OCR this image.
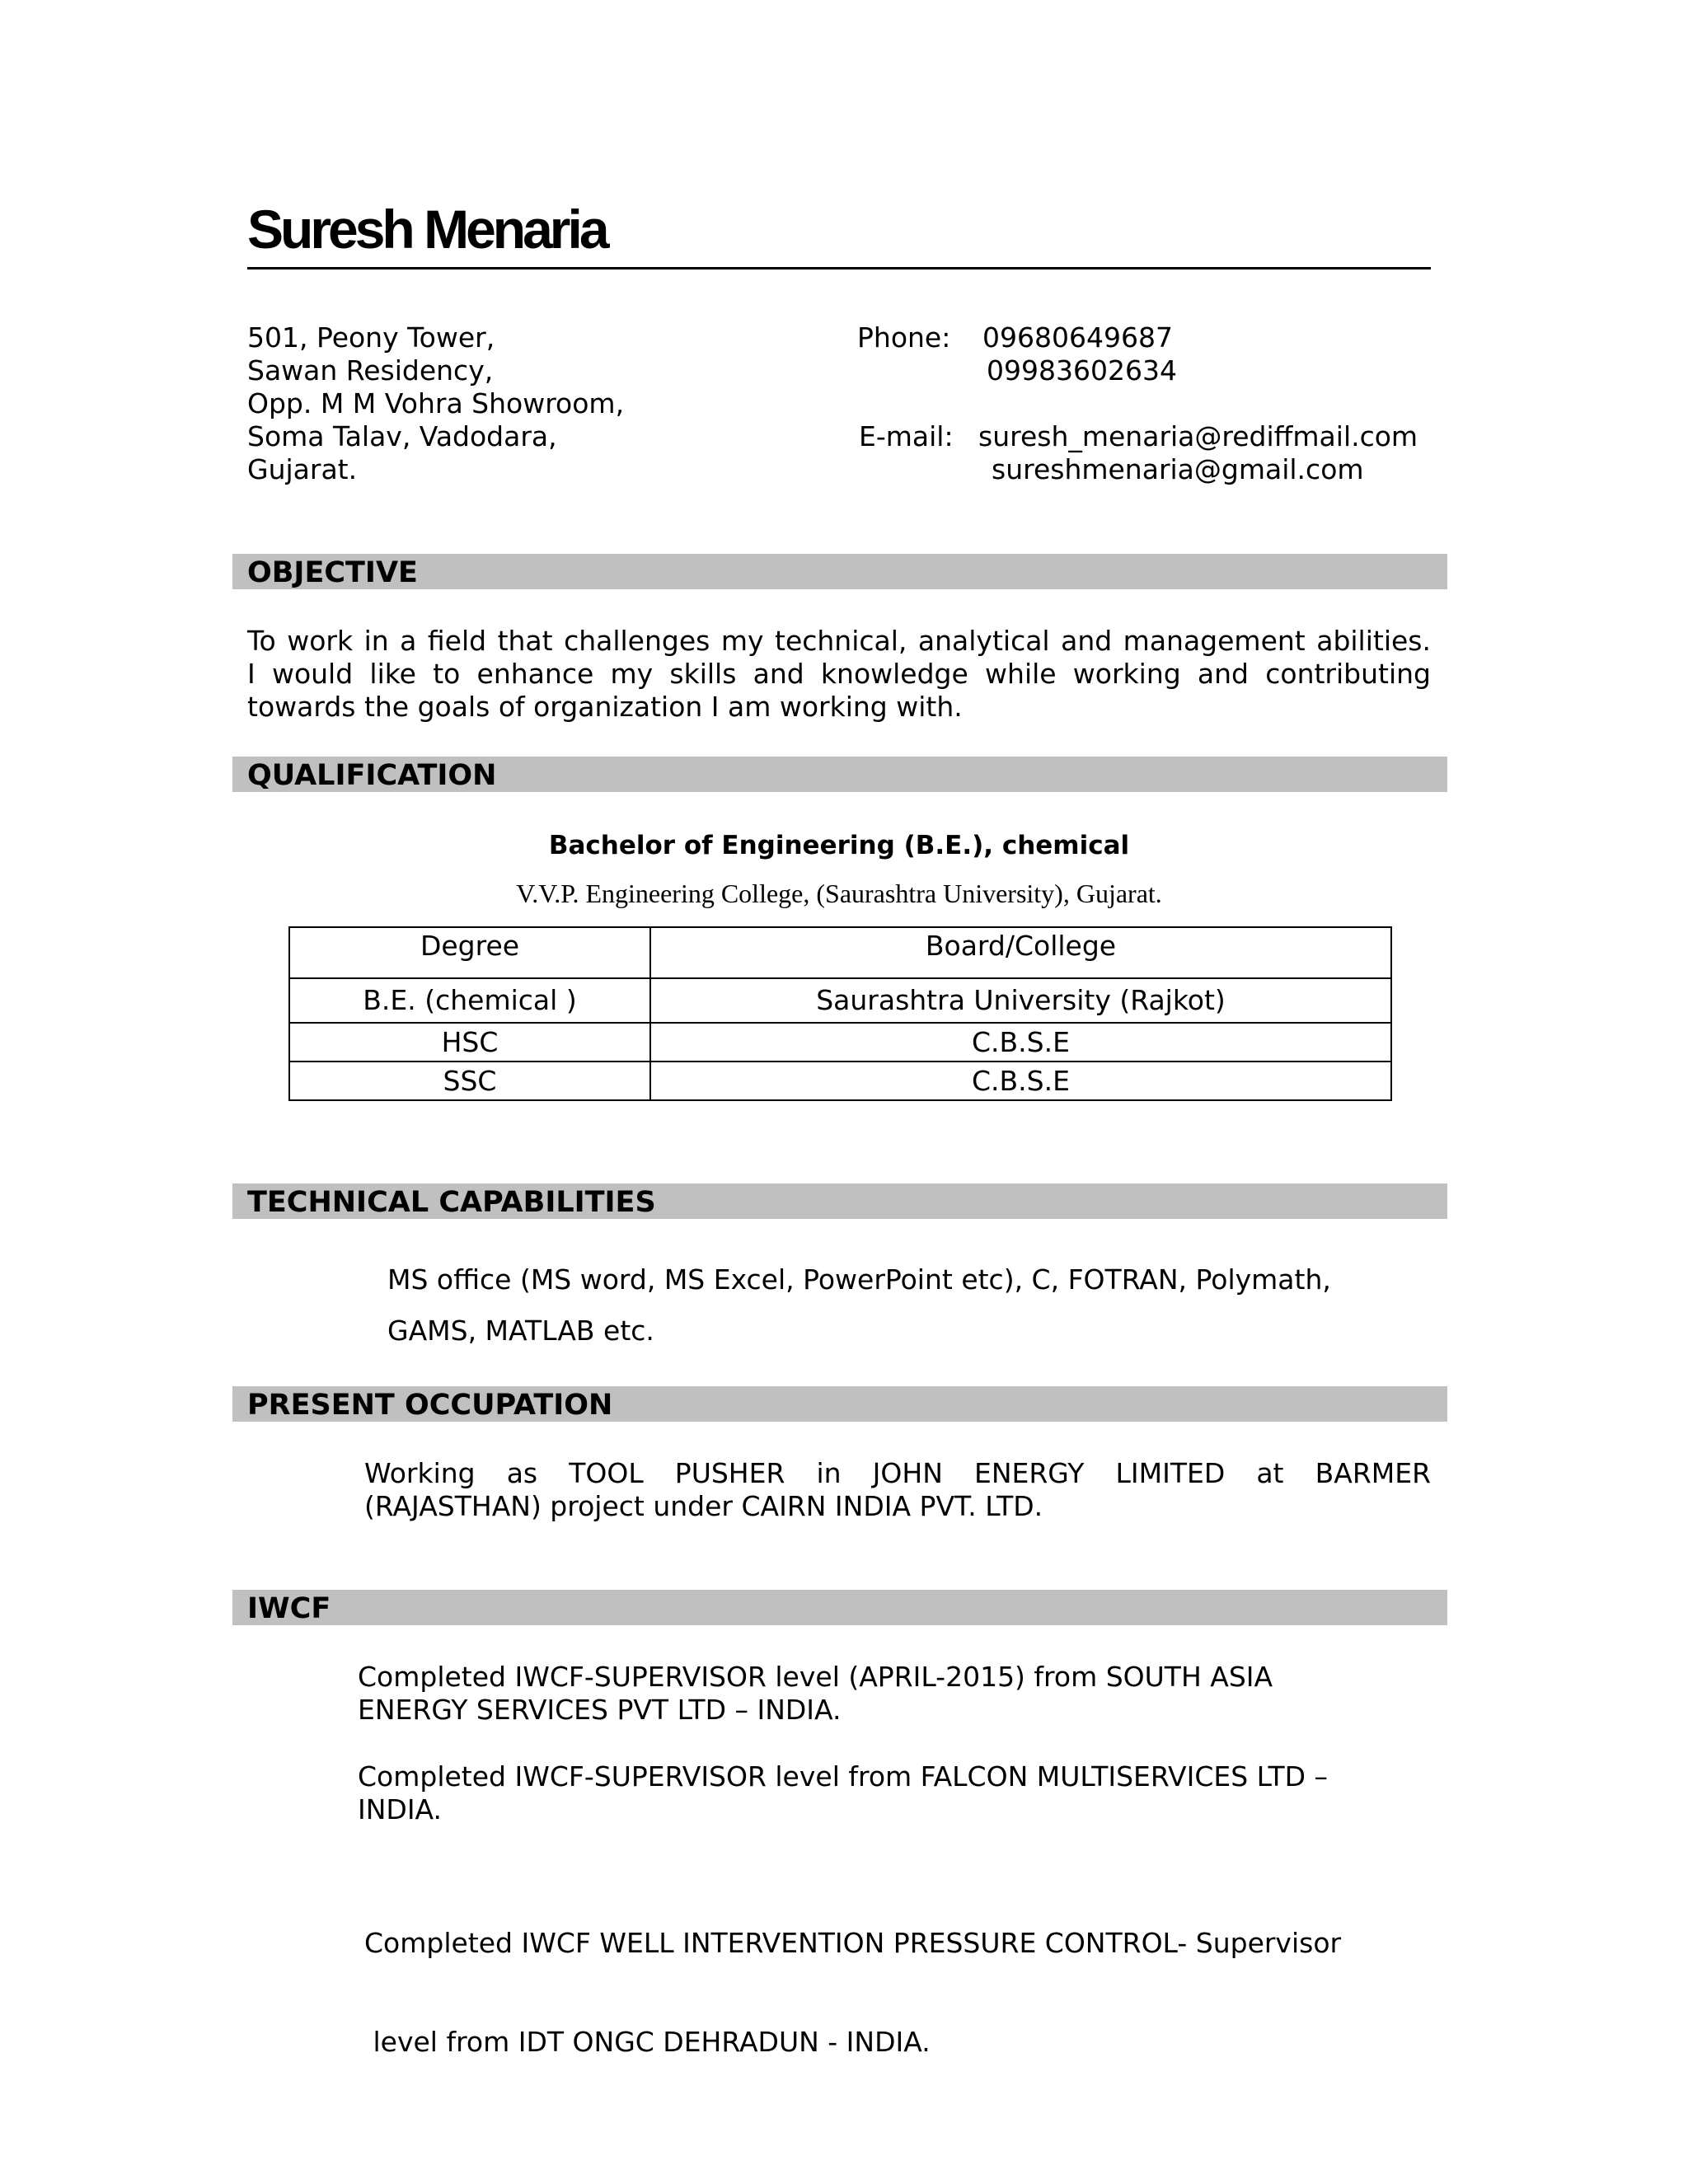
Suresh Menaria
501, Peony Tower,
Sawan Residency,
Opp. M M Vohra Showroom,
Soma Talav, Vadodara,
Gujarat.
Phone: 09680649687
09983602634
E-mail: suresh_menaria@rediffmail.com
sureshmenaria@gmail.com
OBJECTIVE
To work in a field that challenges my technical, analytical and management abilities.
I would like to enhance my skills and knowledge while working and contributing
towards the goals of organization I am working with.
QUALIFICATION
Bachelor of Engineering (B.E.), chemical
V.V.P. Engineering College, (Saurashtra University), Gujarat.
Degree	Board/College
B.E. (chemical )	Saurashtra University (Rajkot)
HSC	C.B.S.E
SSC	C.B.S.E
TECHNICAL CAPABILITIES
MS office (MS word, MS Excel, PowerPoint etc), C, FOTRAN, Polymath,
GAMS, MATLAB etc.
PRESENT OCCUPATION
Working as TOOL PUSHER in JOHN ENERGY LIMITED at BARMER
(RAJASTHAN) project under CAIRN INDIA PVT. LTD.
IWCF
Completed IWCF-SUPERVISOR level (APRIL-2015) from SOUTH ASIA
ENERGY SERVICES PVT LTD – INDIA.
Completed IWCF-SUPERVISOR level from FALCON MULTISERVICES LTD –
INDIA.

Completed IWCF WELL INTERVENTION PRESSURE CONTROL- Supervisor

level from IDT ONGC DEHRADUN - INDIA.
